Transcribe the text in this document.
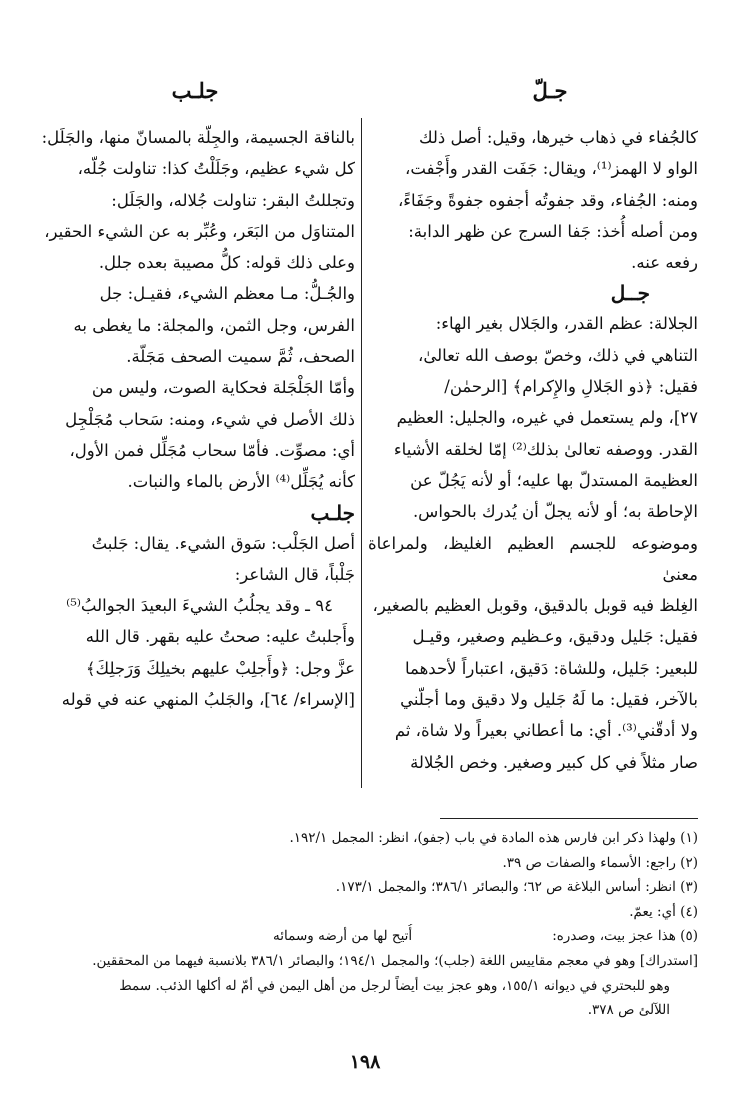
جـلّ
جلـب

كالجُفاء في ذهاب خيرها، وقيل: أصل ذلك

الواو لا الهمز⁽¹⁾، ويقال: جَفَت القدر وأَجْفت،

ومنه: الجُفاء، وقد جفوتُه أجفوه جفوةً وجَفَاءً،

ومن أصله أُخذ: جَفا السرج عن ظهر الدابة:

رفعه عنه.

جــل

الجلالة: عظم القدر، والجَلال بغير الهاء:

التناهي في ذلك، وخصّ بوصف الله تعالىٰ،

فقيل: ﴿ذو الجَلالِ والإِكرام﴾ [الرحمٰن/

٢٧]، ولم يستعمل في غيره، والجليل: العظيم

القدر. ووصفه تعالىٰ بذلك⁽²⁾ إمّا لخلقه الأشياء

العظيمة المستدلّ بها عليه؛ أو لأنه يَجُلّ عن

الإحاطة به؛ أو لأنه يجلّ أن يُدرك بالحواس.

وموضوعه للجسم العظيم الغليظ، ولمراعاة معنىٰ

الغِلظ فيه قوبل بالدقيق، وقوبل العظيم بالصغير،

فقيل: جَليل ودقيق، وعـظيم وصغير، وقيـل

للبعير: جَليل، وللشاة: دَقيق، اعتباراً لأحدهما

بالآخر، فقيل: ما لَهُ جَليل ولا دقيق وما أجلّني

ولا أدقّني⁽³⁾. أي: ما أعطاني بعيراً ولا شاة، ثم

صار مثلاً في كل كبير وصغير. وخص الجُلالة

بالناقة الجسيمة، والجِلّة بالمسانّ منها، والجَلَل:

كل شيء عظيم، وجَلَلْتُ كذا: تناولت جُلّه،

وتجللتُ البقر: تناولت جُلاله، والجَلَل:

المتناوَل من البَعَر، وعُبِّر به عن الشيء الحقير،

وعلى ذلك قوله: كلُّ مصيبة بعده جلل.

والجُـلُّ: مـا معظم الشيء، فقيـل: جل

الفرس، وجل الثمن، والمجلة: ما يغطى به

الصحف، ثُمَّ سميت الصحف مَجَلّة.

وأمّا الجَلْجَلة فحكاية الصوت، وليس من

ذلك الأصل في شيء، ومنه: سَحاب مُجَلْجِل

أي: مصوِّت. فأمّا سحاب مُجَلِّل فمن الأول،

كأنه يُجَلِّل⁽⁴⁾ الأرض بالماء والنبات.

جلـب

أصل الجَلْب: سَوق الشيء. يقال: جَلبتُ

جَلْباً، قال الشاعر:

٩٤ ـ وقد يجلُبُ الشيءَ البعيدَ الجوالبُ⁽⁵⁾

وأَجلبتُ عليه: صحتُ عليه بقهر. قال الله

عزَّ وجل: ﴿وأَجلِبْ عليهم بخيلِكَ وَرَجلِكَ﴾

[الإسراء/ ٦٤]، والجَلبُ المنهي عنه في قوله

(١) ولهذا ذكر ابن فارس هذه المادة في باب (جفو)، انظر: المجمل ١٩٢/١.
(٢) راجع: الأسماء والصفات ص ٣٩.
(٣) انظر: أساس البلاغة ص ٦٢؛ والبصائر ٣٨٦/١؛ والمجمل ١٧٣/١.
(٤) أي: يعمّ.
(٥) هذا عجز بيت، وصدره:
أُتيح لها من أرضه وسمائه
[استدراك] وهو في معجم مقاييس اللغة (جلب)؛ والمجمل ١٩٤/١؛ والبصائر ٣٨٦/١ بلانسبة فيهما من المحققين.
وهو للبحتري في ديوانه ١٥٥/١، وهو عجز بيت أيضاً لرجل من أهل اليمن في أمّ له أكلها الذئب. سمط
اللآلئ ص ٣٧٨.
١٩٨
